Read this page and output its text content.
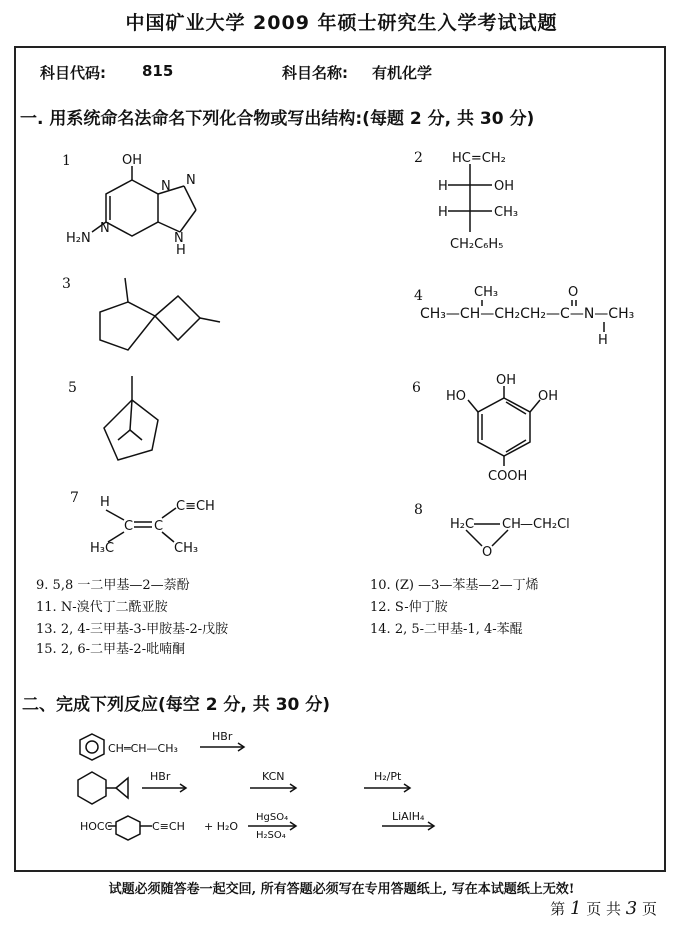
中国矿业大学 2009 年硕士研究生入学考试试题
科目代码: 815	科目名称: 有机化学
一. 用系统命名法命名下列化合物或写出结构:(每题 2 分, 共 30 分)
1	2
3
4
5	6
7
8
OH
N N
N
H₂N	N
H
HC=CH₂
OH
H
H	CH₃
CH₂C₆H₅
CH₃—CH—CH₂CH₂—C—N—CH₃
CH₃	O
H
OH
HO	OH
COOH
H
C C
C≡CH
H₃C	CH₃
H₂C CH —CH₂Cl
O
CH═CH—CH₃
HBr
HBr	KCN	H₂/Pt
HOCC	C≡CH + H₂O
HgSO₄
H₂SO₄
LiAlH₄
9. 5,8 一二甲基—2—萘酚	10. (Z) —3—苯基—2—丁烯
11. N-溴代丁二酰亚胺	12. S-仲丁胺
13. 2, 4-三甲基-3-甲胺基-2-戊胺	14. 2, 5-二甲基-1, 4-苯醌
15. 2, 6-二甲基-2-吡喃酮
二、完成下列反应(每空 2 分, 共 30 分)
试题必须随答卷一起交回, 所有答题必须写在专用答题纸上, 写在本试题纸上无效!
第 1 页 共 3 页
